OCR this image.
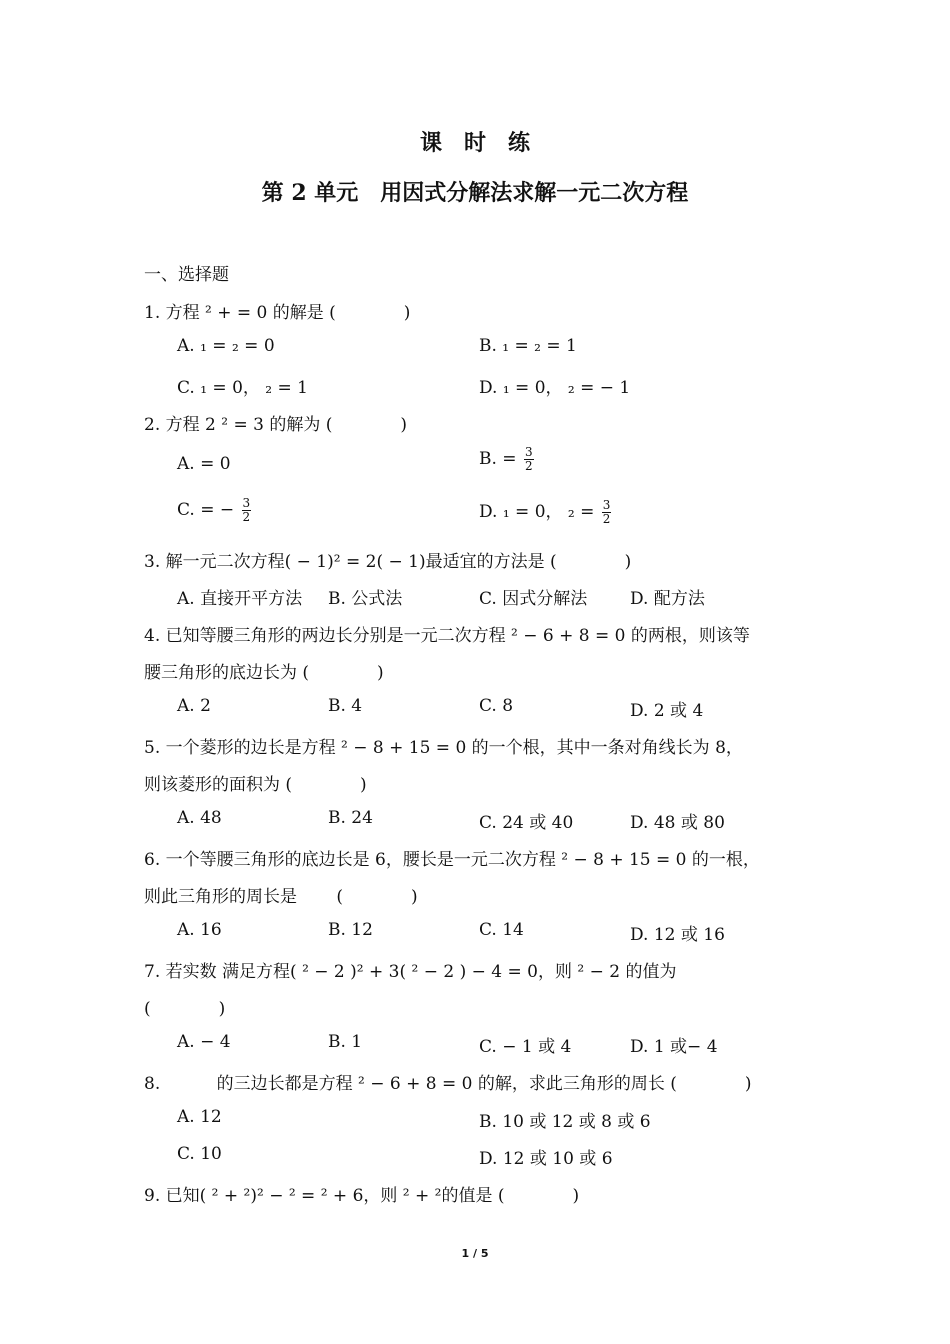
课　时　练
第 2 单元　用因式分解法求解一元二次方程
一、选择题
1. 方程 ² + = 0 的解是 (　　　　)
A. ₁ = ₂ = 0	B. ₁ = ₂ = 1
C. ₁ = 0， ₂ = 1	D. ₁ = 0， ₂ = − 1
2. 方程 2 ² = 3 的解为 (　　　　)
A. = 0	B. = $\frac{3}{2}$
C. = − $\frac{3}{2}$	D. ₁ = 0， $_2 = \frac{3}{2}$
3. 解一元二次方程( − 1)² = 2( − 1)最适宜的方法是 (　　　　)
A. 直接开平方法 B. 公式法	C. 因式分解法	D. 配方法
4. 已知等腰三角形的两边长分别是一元二次方程 ² − 6 + 8 = 0 的两根，则该等
腰三角形的底边长为 (　　　　)
A. 2	B. 4	C. 8	D. 2 或 4
5. 一个菱形的边长是方程 ² − 8 + 15 = 0 的一个根，其中一条对角线长为 8，
则该菱形的面积为 (　　　　)
A. 48	B. 24	C. 24 或 40	D. 48 或 80
6. 一个等腰三角形的底边长是 6，腰长是一元二次方程 ² − 8 + 15 = 0 的一根，
则此三角形的周长是　　 (　　　　)
A. 16	B. 12	C. 14	D. 12 或 16
7. 若实数 满足方程( ² − 2 )² + 3( ² − 2 ) − 4 = 0，则 ² − 2 的值为
(　　　　)
A. − 4	B. 1	C. − 1 或 4	D. 1 或− 4
8.　　　 的三边长都是方程 ² − 6 + 8 = 0 的解，求此三角形的周长 (　　　　)
A. 12	B. 10 或 12 或 8 或 6
C. 10	D. 12 或 10 或 6
9. 已知( ² + ²)² − ² = ² + 6，则 ² + ²的值是 (　　　　)
1 / 5
